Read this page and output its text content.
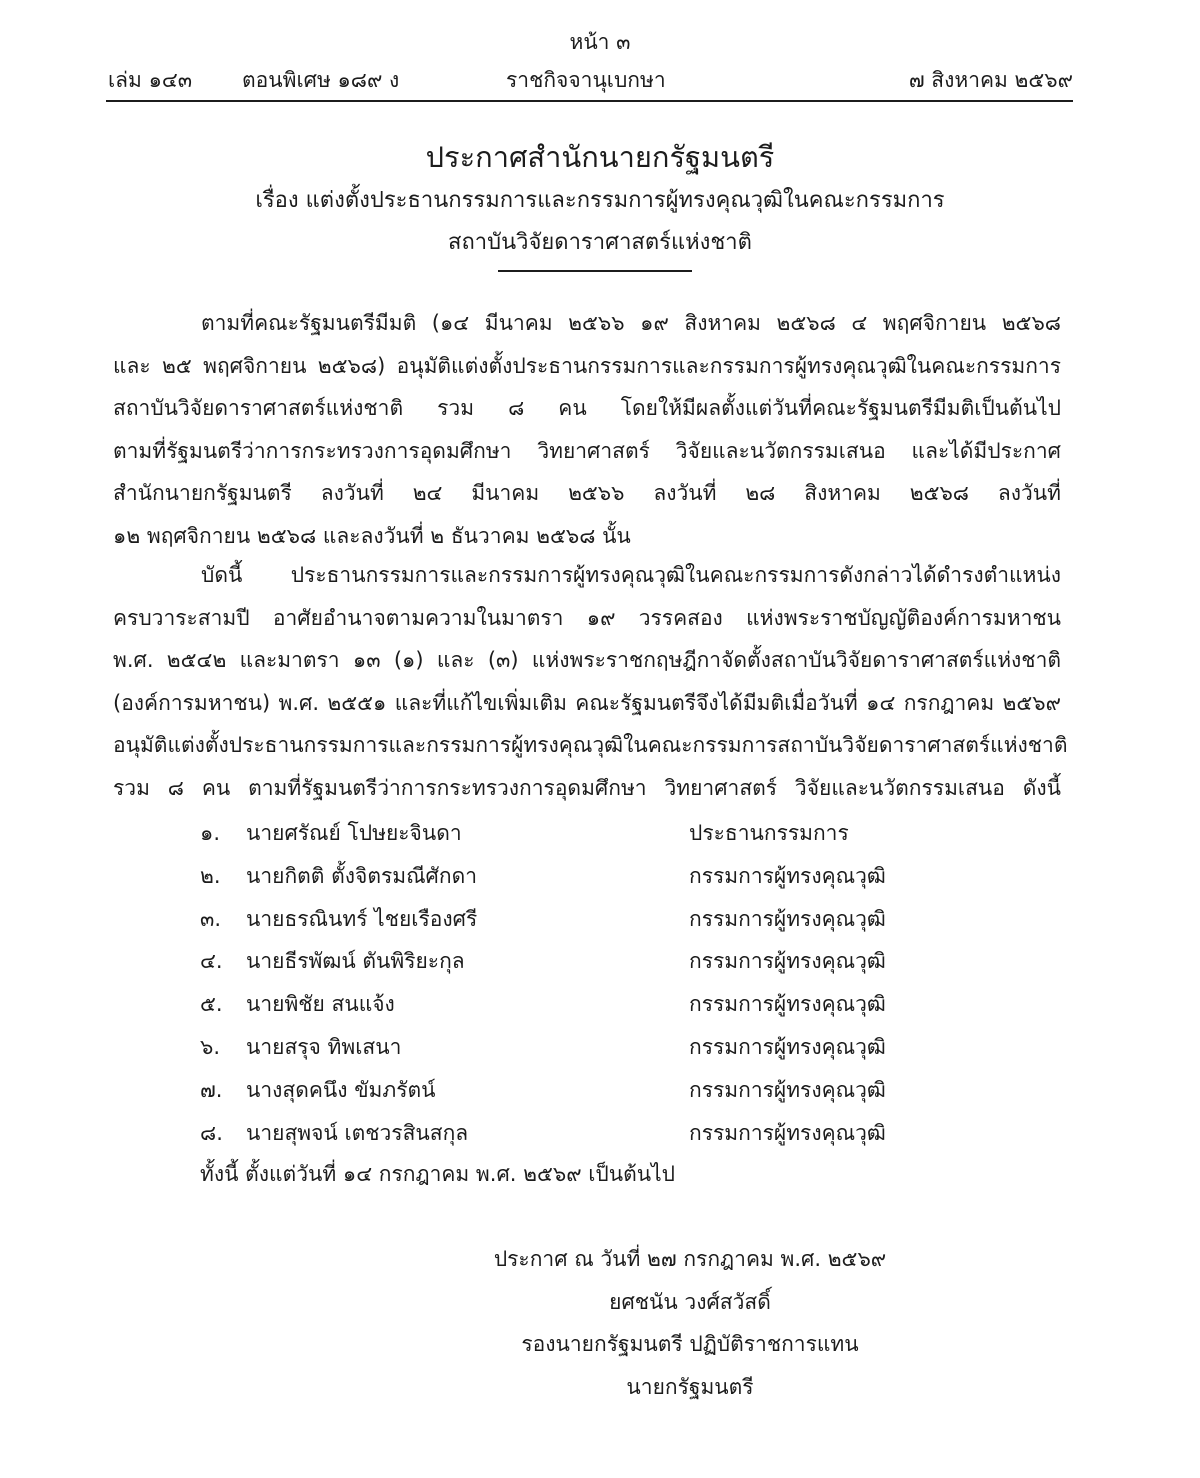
หน้า ๓
เล่ม ๑๔๓ ตอนพิเศษ ๑๘๙ ง	ราชกิจจานุเบกษา	๗ สิงหาคม ๒๕๖๙
ประกาศสำนักนายกรัฐมนตรี
เรื่อง แต่งตั้งประธานกรรมการและกรรมการผู้ทรงคุณวุฒิในคณะกรรมการ
สถาบันวิจัยดาราศาสตร์แห่งชาติ
ตามที่คณะรัฐมนตรีมีมติ (๑๔ มีนาคม ๒๕๖๖ ๑๙ สิงหาคม ๒๕๖๘ ๔ พฤศจิกายน ๒๕๖๘
และ ๒๕ พฤศจิกายน ๒๕๖๘) อนุมัติแต่งตั้งประธานกรรมการและกรรมการผู้ทรงคุณวุฒิในคณะกรรมการ
สถาบันวิจัยดาราศาสตร์แห่งชาติ รวม ๘ คน โดยให้มีผลตั้งแต่วันที่คณะรัฐมนตรีมีมติเป็นต้นไป
ตามที่รัฐมนตรีว่าการกระทรวงการอุดมศึกษา วิทยาศาสตร์ วิจัยและนวัตกรรมเสนอ และได้มีประกาศ
สำนักนายกรัฐมนตรี ลงวันที่ ๒๔ มีนาคม ๒๕๖๖ ลงวันที่ ๒๘ สิงหาคม ๒๕๖๘ ลงวันที่
๑๒ พฤศจิกายน ๒๕๖๘ และลงวันที่ ๒ ธันวาคม ๒๕๖๘ นั้น
บัดนี้ ประธานกรรมการและกรรมการผู้ทรงคุณวุฒิในคณะกรรมการดังกล่าวได้ดำรงตำแหน่ง
ครบวาระสามปี อาศัยอำนาจตามความในมาตรา ๑๙ วรรคสอง แห่งพระราชบัญญัติองค์การมหาชน
พ.ศ. ๒๕๔๒ และมาตรา ๑๓ (๑) และ (๓) แห่งพระราชกฤษฎีกาจัดตั้งสถาบันวิจัยดาราศาสตร์แห่งชาติ
(องค์การมหาชน) พ.ศ. ๒๕๕๑ และที่แก้ไขเพิ่มเติม คณะรัฐมนตรีจึงได้มีมติเมื่อวันที่ ๑๔ กรกฎาคม ๒๕๖๙
อนุมัติแต่งตั้งประธานกรรมการและกรรมการผู้ทรงคุณวุฒิในคณะกรรมการสถาบันวิจัยดาราศาสตร์แห่งชาติ
รวม ๘ คน ตามที่รัฐมนตรีว่าการกระทรวงการอุดมศึกษา วิทยาศาสตร์ วิจัยและนวัตกรรมเสนอ ดังนี้
๑. นายศรัณย์ โปษยะจินดา	ประธานกรรมการ
๒. นายกิตติ ตั้งจิตรมณีศักดา	กรรมการผู้ทรงคุณวุฒิ
๓. นายธรณินทร์ ไชยเรืองศรี	กรรมการผู้ทรงคุณวุฒิ
๔. นายธีรพัฒน์ ตันพิริยะกุล	กรรมการผู้ทรงคุณวุฒิ
๕. นายพิชัย สนแจ้ง	กรรมการผู้ทรงคุณวุฒิ
๖. นายสรุจ ทิพเสนา	กรรมการผู้ทรงคุณวุฒิ
๗. นางสุดคนึง ขัมภรัตน์	กรรมการผู้ทรงคุณวุฒิ
๘. นายสุพจน์ เตชวรสินสกุล	กรรมการผู้ทรงคุณวุฒิ
ทั้งนี้ ตั้งแต่วันที่ ๑๔ กรกฎาคม พ.ศ. ๒๕๖๙ เป็นต้นไป
ประกาศ ณ วันที่ ๒๗ กรกฎาคม พ.ศ. ๒๕๖๙
ยศชนัน วงศ์สวัสดิ์
รองนายกรัฐมนตรี ปฏิบัติราชการแทน
นายกรัฐมนตรี
